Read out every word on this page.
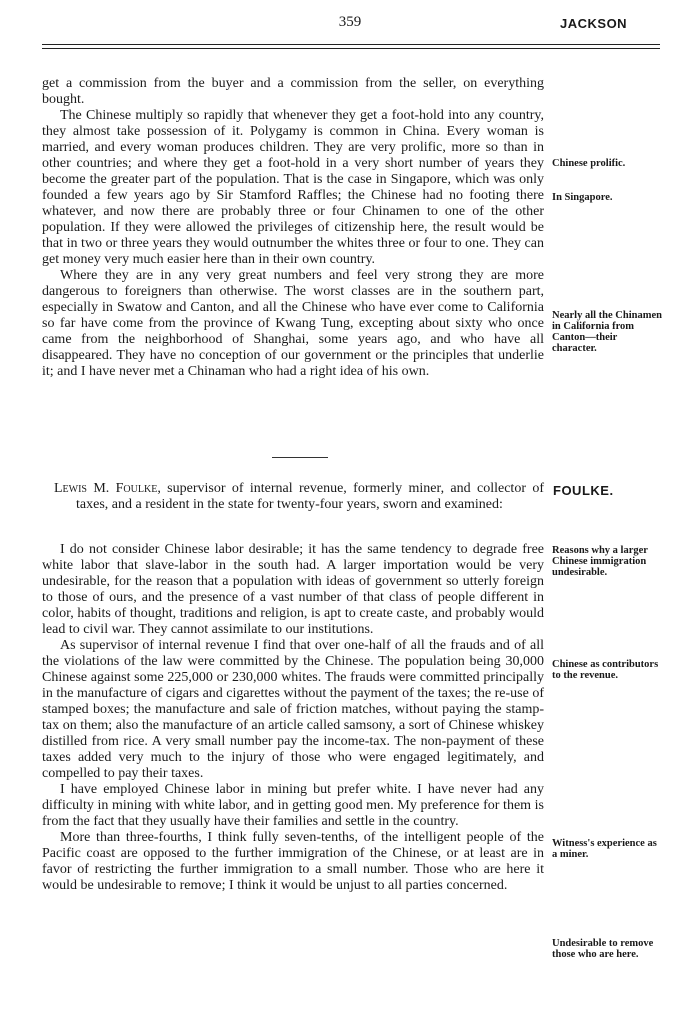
359	JACKSON

get a commission from the buyer and a commission from the seller, on everything bought.

The Chinese multiply so rapidly that whenever they get a foot-hold into any country, they almost take possession of it. Polygamy is common in China. Every woman is married, and every woman produces children. They are very prolific, more so than in other countries; and where they get a foot-hold in a very short number of years they become the greater part of the population. That is the case in Singapore, which was only founded a few years ago by Sir Stamford Raffles; the Chinese had no footing there whatever, and now there are probably three or four Chinamen to one of the other population. If they were allowed the privileges of citizenship here, the result would be that in two or three years they would outnumber the whites three or four to one. They can get money very much easier here than in their own country.

Where they are in any very great numbers and feel very strong they are more dangerous to foreigners than otherwise. The worst classes are in the southern part, especially in Swatow and Canton, and all the Chinese who have ever come to California so far have come from the province of Kwang Tung, excepting about sixty who once came from the neighborhood of Shanghai, some years ago, and who have all disappeared. They have no conception of our government or the principles that underlie it; and I have never met a Chinaman who had a right idea of his own.

Lewis M. Foulke, supervisor of internal revenue, formerly miner, and collector of taxes, and a resident in the state for twenty-four years, sworn and examined:

I do not consider Chinese labor desirable; it has the same tendency to degrade free white labor that slave-labor in the south had. A larger importation would be very undesirable, for the reason that a population with ideas of government so utterly foreign to those of ours, and the presence of a vast number of that class of people different in color, habits of thought, traditions and religion, is apt to create caste, and probably would lead to civil war. They cannot assimilate to our institutions.

As supervisor of internal revenue I find that over one-half of all the frauds and of all the violations of the law were committed by the Chinese. The population being 30,000 Chinese against some 225,000 or 230,000 whites. The frauds were committed principally in the manufacture of cigars and cigarettes without the payment of the taxes; the re-use of stamped boxes; the manufacture and sale of friction matches, without paying the stamp-tax on them; also the manufacture of an article called samsony, a sort of Chinese whiskey distilled from rice. A very small number pay the income-tax. The non-payment of these taxes added very much to the injury of those who were engaged legitimately, and compelled to pay their taxes.

I have employed Chinese labor in mining but prefer white. I have never had any difficulty in mining with white labor, and in getting good men. My preference for them is from the fact that they usually have their families and settle in the country.

More than three-fourths, I think fully seven-tenths, of the intelligent people of the Pacific coast are opposed to the further immigration of the Chinese, or at least are in favor of restricting the further immigration to a small number. Those who are here it would be undesirable to remove; I think it would be unjust to all parties concerned.

Chinese prolific.
In Singapore.
Nearly all the Chinamen in California from Canton—their character.
FOULKE.
Reasons why a larger Chinese immigration undesirable.
Chinese as contributors to the revenue.
Witness's experience as a miner.
Undesirable to remove those who are here.
